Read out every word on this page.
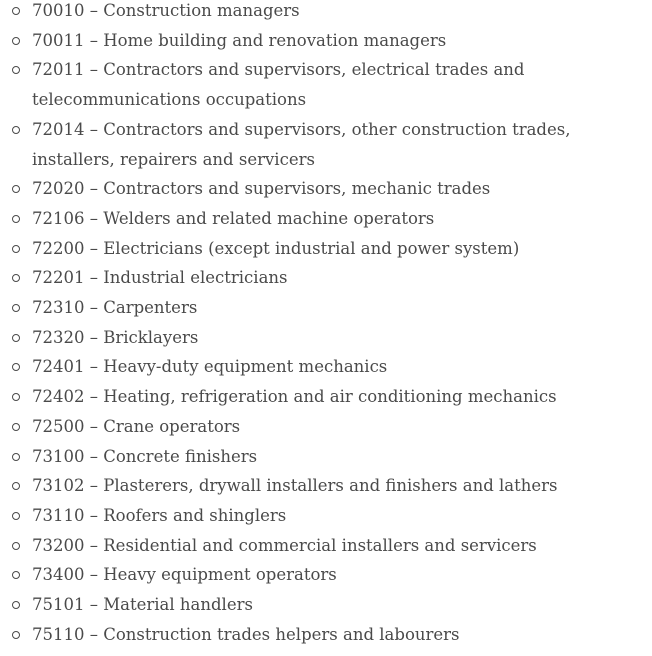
70010 – Construction managers
70011 – Home building and renovation managers
72011 – Contractors and supervisors, electrical trades and telecommunications occupations
72014 – Contractors and supervisors, other construction trades, installers, repairers and servicers
72020 – Contractors and supervisors, mechanic trades
72106 – Welders and related machine operators
72200 – Electricians (except industrial and power system)
72201 – Industrial electricians
72310 – Carpenters
72320 – Bricklayers
72401 – Heavy-duty equipment mechanics
72402 – Heating, refrigeration and air conditioning mechanics
72500 – Crane operators
73100 – Concrete finishers
73102 – Plasterers, drywall installers and finishers and lathers
73110 – Roofers and shinglers
73200 – Residential and commercial installers and servicers
73400 – Heavy equipment operators
75101 – Material handlers
75110 – Construction trades helpers and labourers
